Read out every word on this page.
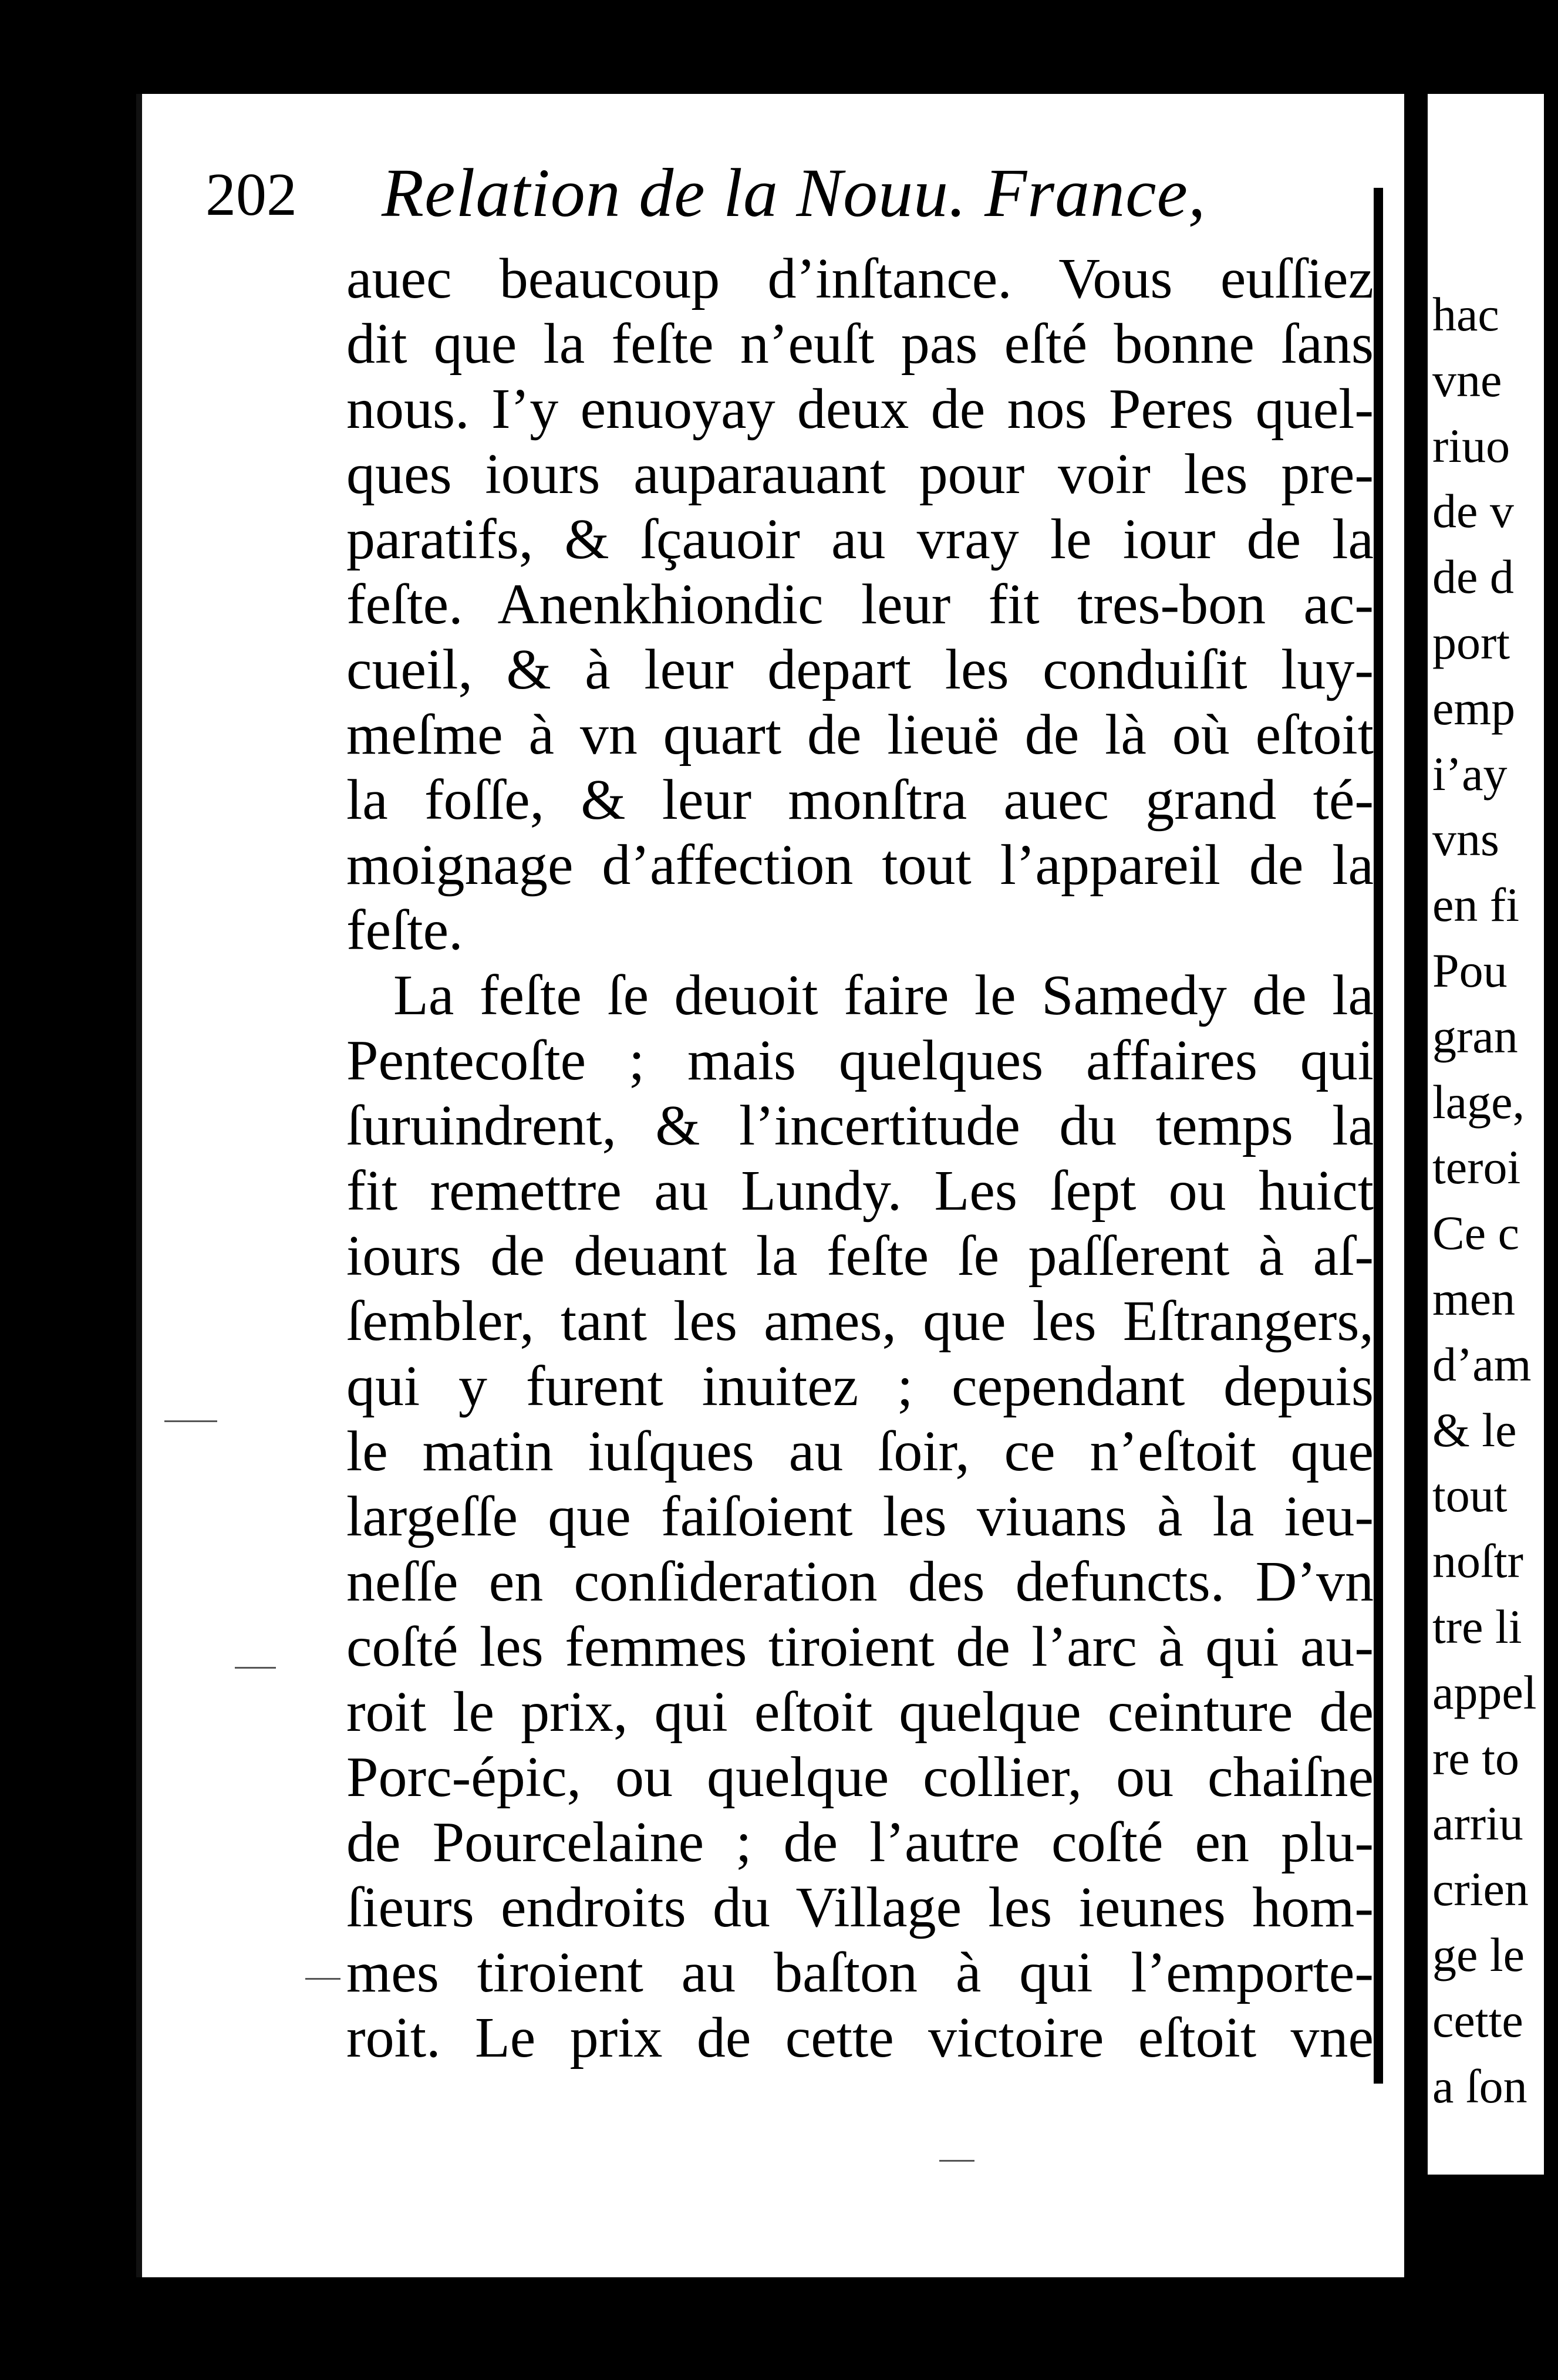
202 Relation de la Nouu. France,
auec beaucoup d’inſtance. Vous euſſiez
dit que la feſte n’euſt pas eſté bonne ſans
nous. I’y enuoyay deux de nos Peres quel-
ques iours auparauant pour voir les pre-
paratifs, & ſçauoir au vray le iour de la
feſte. Anenkhiondic leur fit tres-bon ac-
cueil, & à leur depart les conduiſit luy-
meſme à vn quart de lieuë de là où eſtoit
la foſſe, & leur monſtra auec grand té-
moignage d’affection tout l’appareil de la
feſte.
La feſte ſe deuoit faire le Samedy de la
Pentecoſte ; mais quelques affaires qui
ſuruindrent, & l’incertitude du temps la
fit remettre au Lundy. Les ſept ou huict
iours de deuant la feſte ſe paſſerent à aſ-
ſembler, tant les ames, que les Eſtrangers,
qui y furent inuitez ; cependant depuis
le matin iuſques au ſoir, ce n’eſtoit que
largeſſe que faiſoient les viuans à la ieu-
neſſe en conſideration des defuncts. D’vn
coſté les femmes tiroient de l’arc à qui au-
roit le prix, qui eſtoit quelque ceinture de
Porc-épic, ou quelque collier, ou chaiſne
de Pourcelaine ; de l’autre coſté en plu-
ſieurs endroits du Village les ieunes hom-
mes tiroient au baſton à qui l’emporte-
roit. Le prix de cette victoire eſtoit vne
hac
vne
riuo
de v
de d
port
emp
i’ay
vns
en fi
Pou
gran
lage,
teroi
Ce c
men
d’am
& le
tout
noſtr
tre li
appel
re to
arriu
crien
ge le
cette
a ſon
